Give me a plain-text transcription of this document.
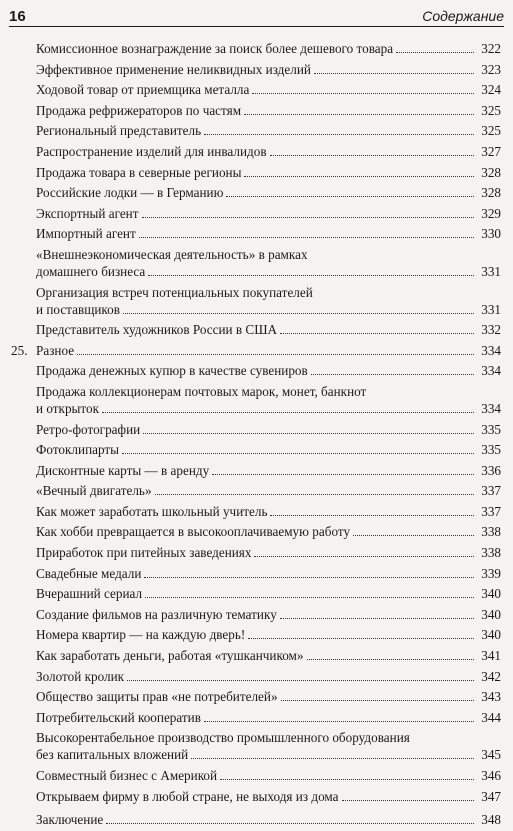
16	Содержание
Комиссионное вознаграждение за поиск более дешевого товара	322
Эффективное применение неликвидных изделий	323
Ходовой товар от приемщика металла	324
Продажа рефрижераторов по частям	325
Региональный представитель	325
Распространение изделий для инвалидов	327
Продажа товара в северные регионы	328
Российские лодки — в Германию	328
Экспортный агент	329
Импортный агент	330
«Внешнеэкономическая деятельность» в рамках
домашнего бизнеса	331
Организация встреч потенциальных покупателей
и поставщиков	331
Представитель художников России в США	332
25. Разное	334
Продажа денежных купюр в качестве сувениров	334
Продажа коллекционерам почтовых марок, монет, банкнот
и открыток	334
Ретро-фотографии	335
Фотоклипарты	335
Дисконтные карты — в аренду	336
«Вечный двигатель»	337
Как может заработать школьный учитель	337
Как хобби превращается в высокооплачиваемую работу	338
Приработок при питейных заведениях	338
Свадебные медали	339
Вчерашний сериал	340
Создание фильмов на различную тематику	340
Номера квартир — на каждую дверь!	340
Как заработать деньги, работая «тушканчиком»	341
Золотой кролик	342
Общество защиты прав «не потребителей»	343
Потребительский кооператив	344
Высокорентабельное производство промышленного оборудования
без капитальных вложений	345
Совместный бизнес с Америкой	346
Открываем фирму в любой стране, не выходя из дома	347
Заключение	348
